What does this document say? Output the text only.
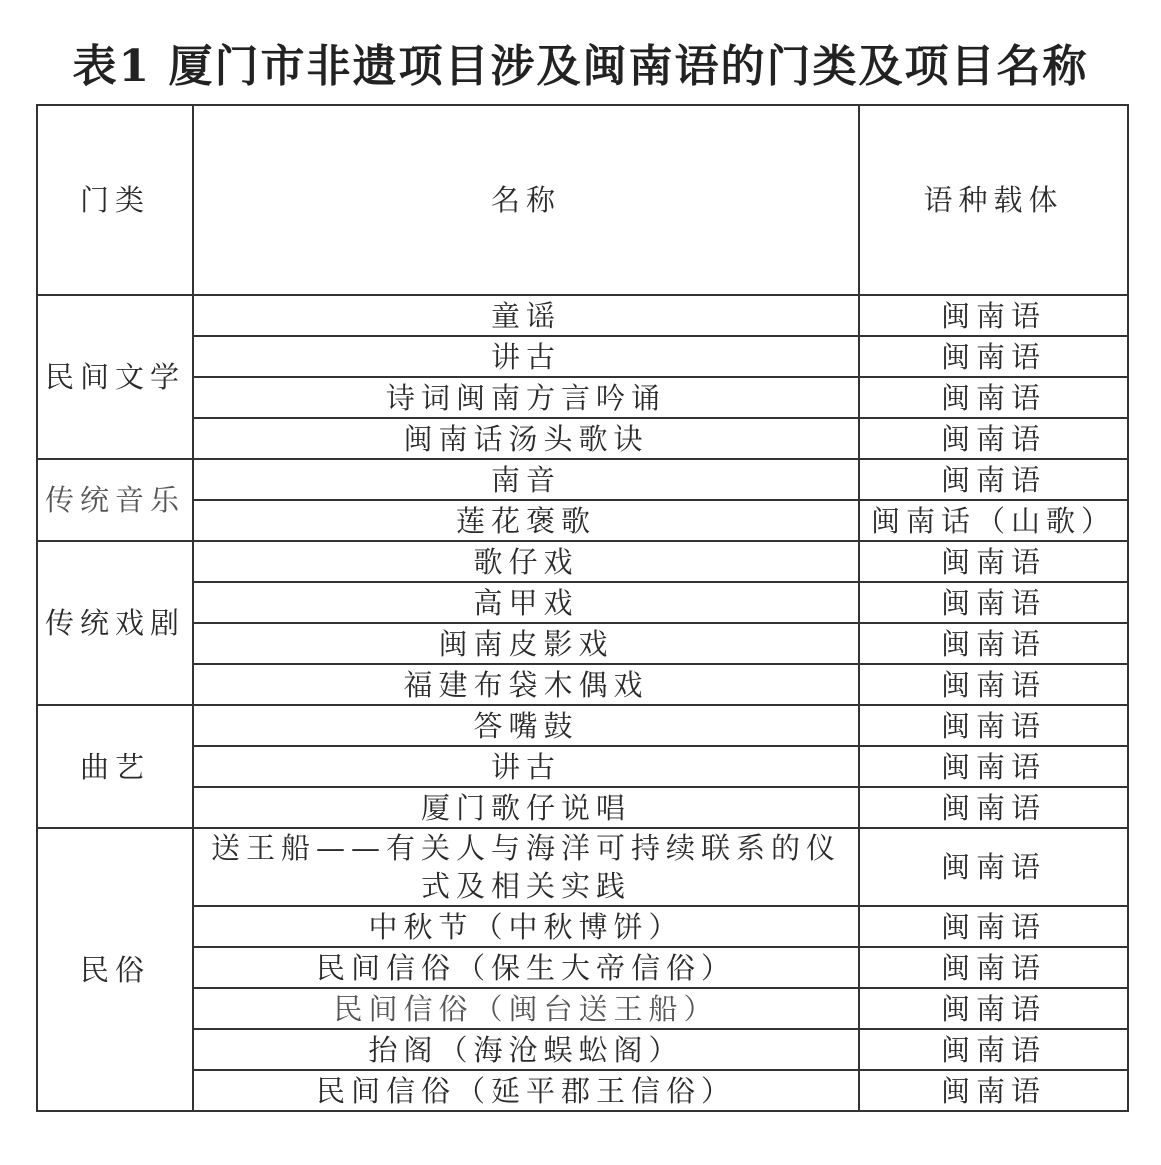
表1 厦门市非遗项目涉及闽南语的门类及项目名称
门类	名称	语种载体
民间文学	童谣	闽南语
	讲古	闽南语
	诗词闽南方言吟诵	闽南语
	闽南话汤头歌诀	闽南语
传统音乐	南音	闽南语
	莲花褒歌	闽南话（山歌）
传统戏剧	歌仔戏	闽南语
	高甲戏	闽南语
	闽南皮影戏	闽南语
	福建布袋木偶戏	闽南语
曲艺	答嘴鼓	闽南语
	讲古	闽南语
	厦门歌仔说唱	闽南语
民俗	送王船——有关人与海洋可持续联系的仪式及相关实践	闽南语
	中秋节（中秋博饼）	闽南语
	民间信俗（保生大帝信俗）	闽南语
	民间信俗（闽台送王船）	闽南语
	抬阁（海沧蜈蚣阁）	闽南语
	民间信俗（延平郡王信俗）	闽南语
